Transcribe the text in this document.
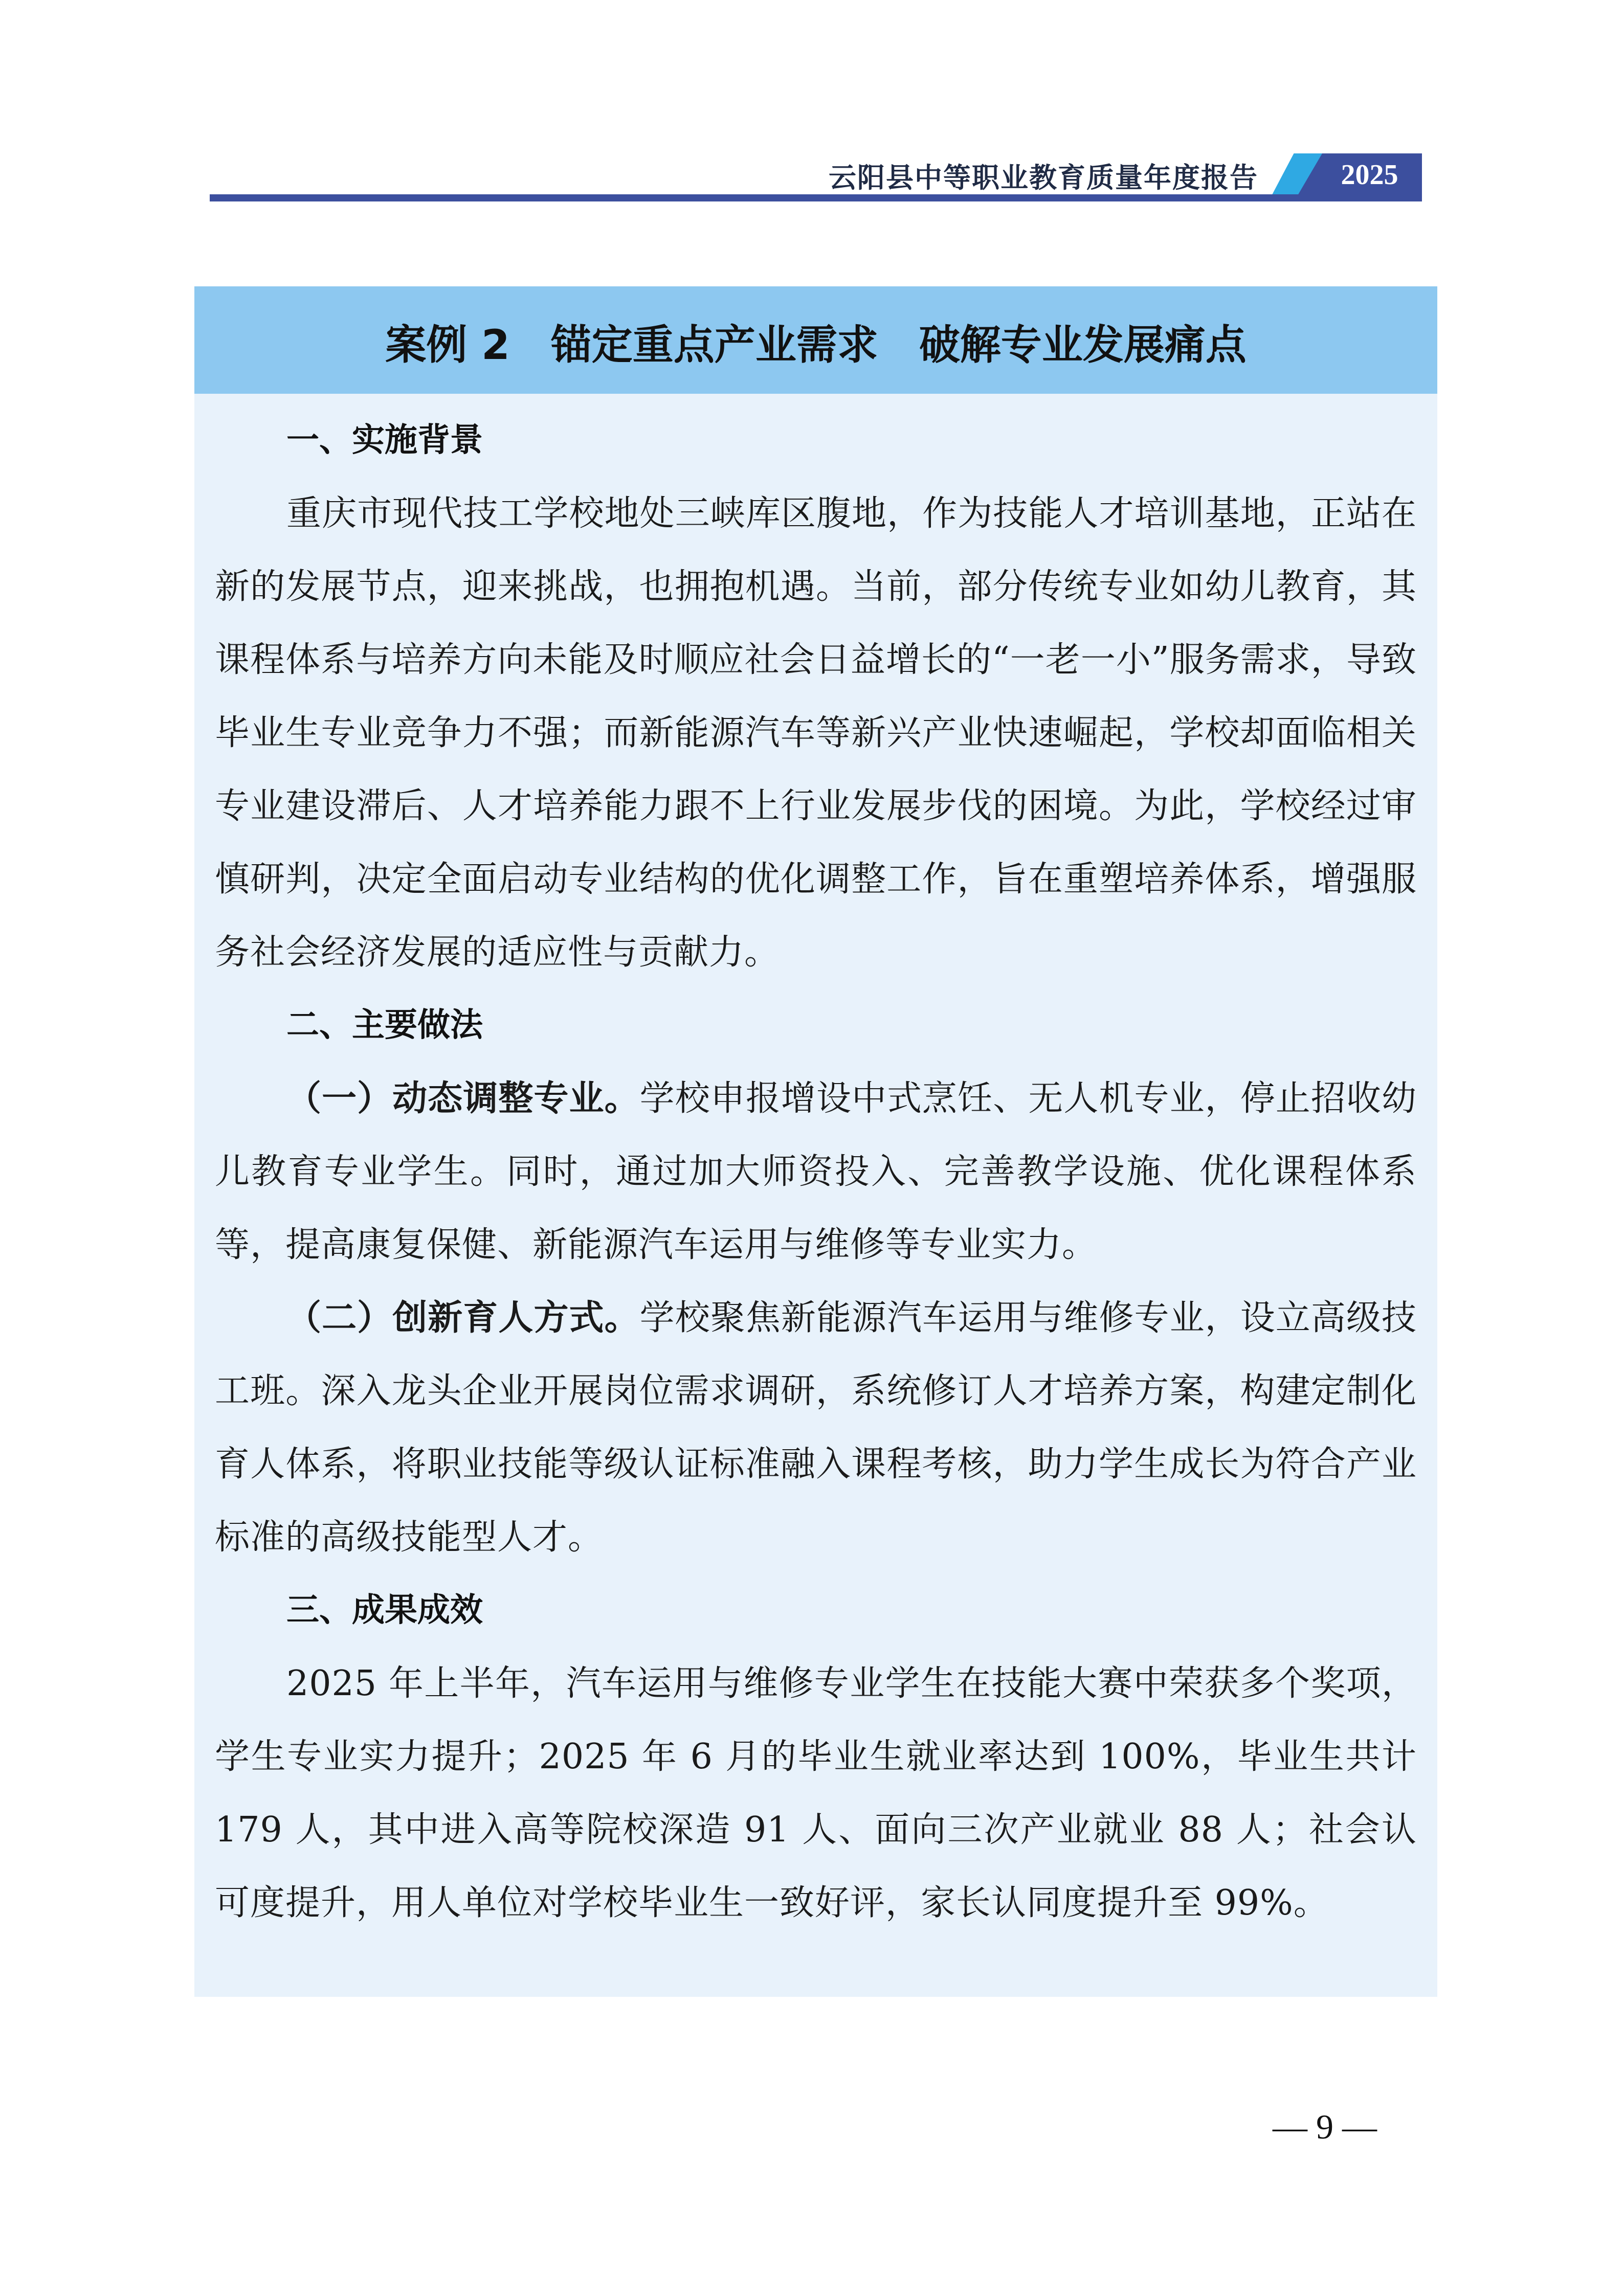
云阳县中等职业教育质量年度报告	2025
案例 2　锚定重点产业需求　破解专业发展痛点

一、实施背景

重庆市现代技工学校地处三峡库区腹地，作为技能人才培训基地，正站在新的发展节点，迎来挑战，也拥抱机遇。当前，部分传统专业如幼儿教育，其课程体系与培养方向未能及时顺应社会日益增长的“一老一小”服务需求，导致毕业生专业竞争力不强；而新能源汽车等新兴产业快速崛起，学校却面临相关专业建设滞后、人才培养能力跟不上行业发展步伐的困境。为此，学校经过审慎研判，决定全面启动专业结构的优化调整工作，旨在重塑培养体系，增强服务社会经济发展的适应性与贡献力。

二、主要做法

（一）动态调整专业。学校申报增设中式烹饪、无人机专业，停止招收幼儿教育专业学生。同时，通过加大师资投入、完善教学设施、优化课程体系等，提高康复保健、新能源汽车运用与维修等专业实力。

（二）创新育人方式。学校聚焦新能源汽车运用与维修专业，设立高级技工班。深入龙头企业开展岗位需求调研，系统修订人才培养方案，构建定制化育人体系，将职业技能等级认证标准融入课程考核，助力学生成长为符合产业标准的高级技能型人才。

三、成果成效

2025 年上半年，汽车运用与维修专业学生在技能大赛中荣获多个奖项，学生专业实力提升；2025 年 6 月的毕业生就业率达到 100%，毕业生共计 179 人，其中进入高等院校深造 91 人、面向三次产业就业 88 人；社会认可度提升，用人单位对学校毕业生一致好评，家长认同度提升至 99%。

— 9 —
